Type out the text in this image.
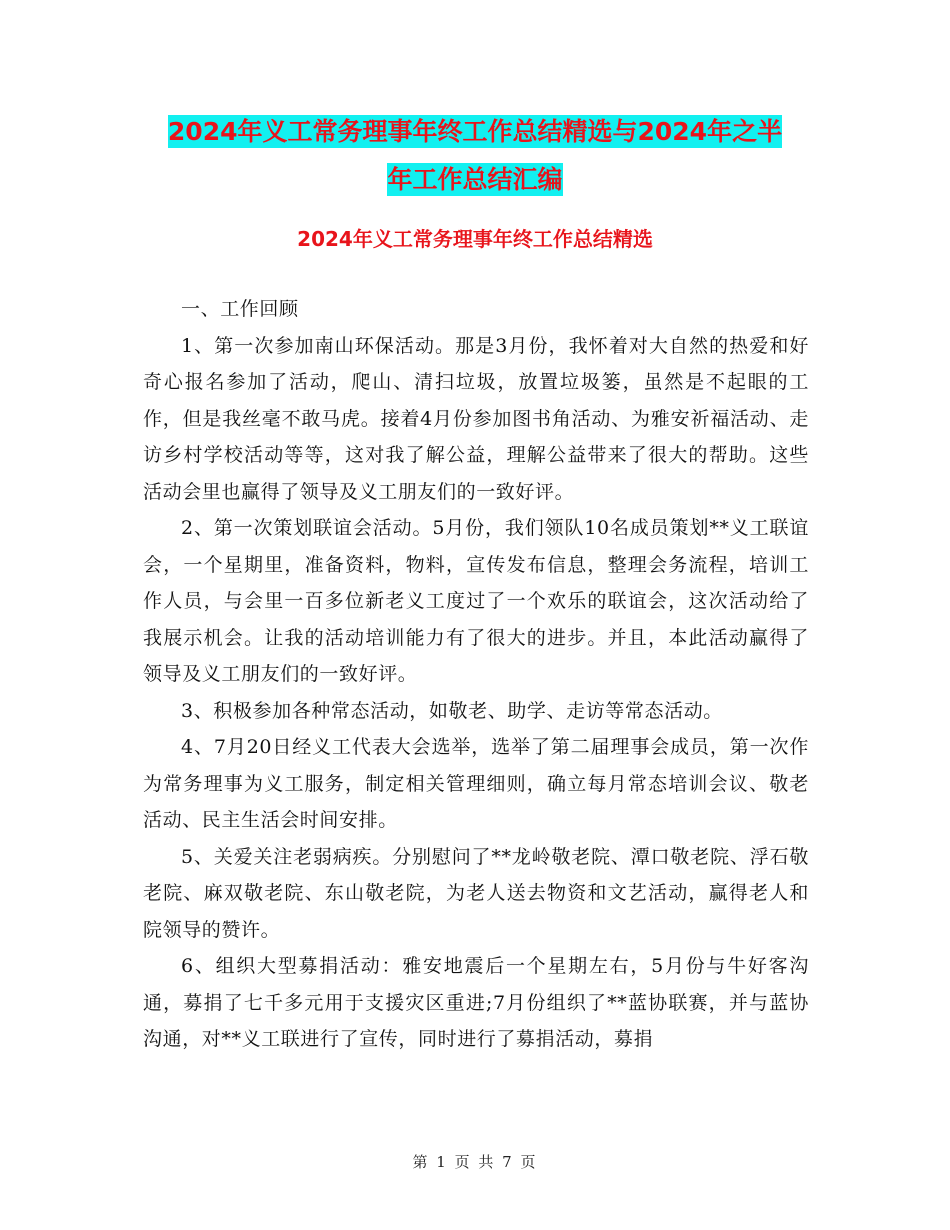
2024年义工常务理事年终工作总结精选与2024年之半
年工作总结汇编
2024年义工常务理事年终工作总结精选

一、工作回顾

1、第一次参加南山环保活动。那是3月份，我怀着对大自然的热爱和好奇心报名参加了活动，爬山、清扫垃圾，放置垃圾篓，虽然是不起眼的工作，但是我丝毫不敢马虎。接着4月份参加图书角活动、为雅安祈福活动、走访乡村学校活动等等，这对我了解公益，理解公益带来了很大的帮助。这些活动会里也赢得了领导及义工朋友们的一致好评。

2、第一次策划联谊会活动。5月份，我们领队10名成员策划**义工联谊会，一个星期里，准备资料，物料，宣传发布信息，整理会务流程，培训工作人员，与会里一百多位新老义工度过了一个欢乐的联谊会，这次活动给了我展示机会。让我的活动培训能力有了很大的进步。并且，本此活动赢得了领导及义工朋友们的一致好评。

3、积极参加各种常态活动，如敬老、助学、走访等常态活动。

4、7月20日经义工代表大会选举，选举了第二届理事会成员，第一次作为常务理事为义工服务，制定相关管理细则，确立每月常态培训会议、敬老活动、民主生活会时间安排。

5、关爱关注老弱病疾。分别慰问了**龙岭敬老院、潭口敬老院、浮石敬老院、麻双敬老院、东山敬老院，为老人送去物资和文艺活动，赢得老人和院领导的赞许。

6、组织大型募捐活动：雅安地震后一个星期左右，5月份与牛好客沟通，募捐了七千多元用于支援灾区重进;7月份组织了**蓝协联赛，并与蓝协沟通，对**义工联进行了宣传，同时进行了募捐活动，募捐

第 1 页 共 7 页
